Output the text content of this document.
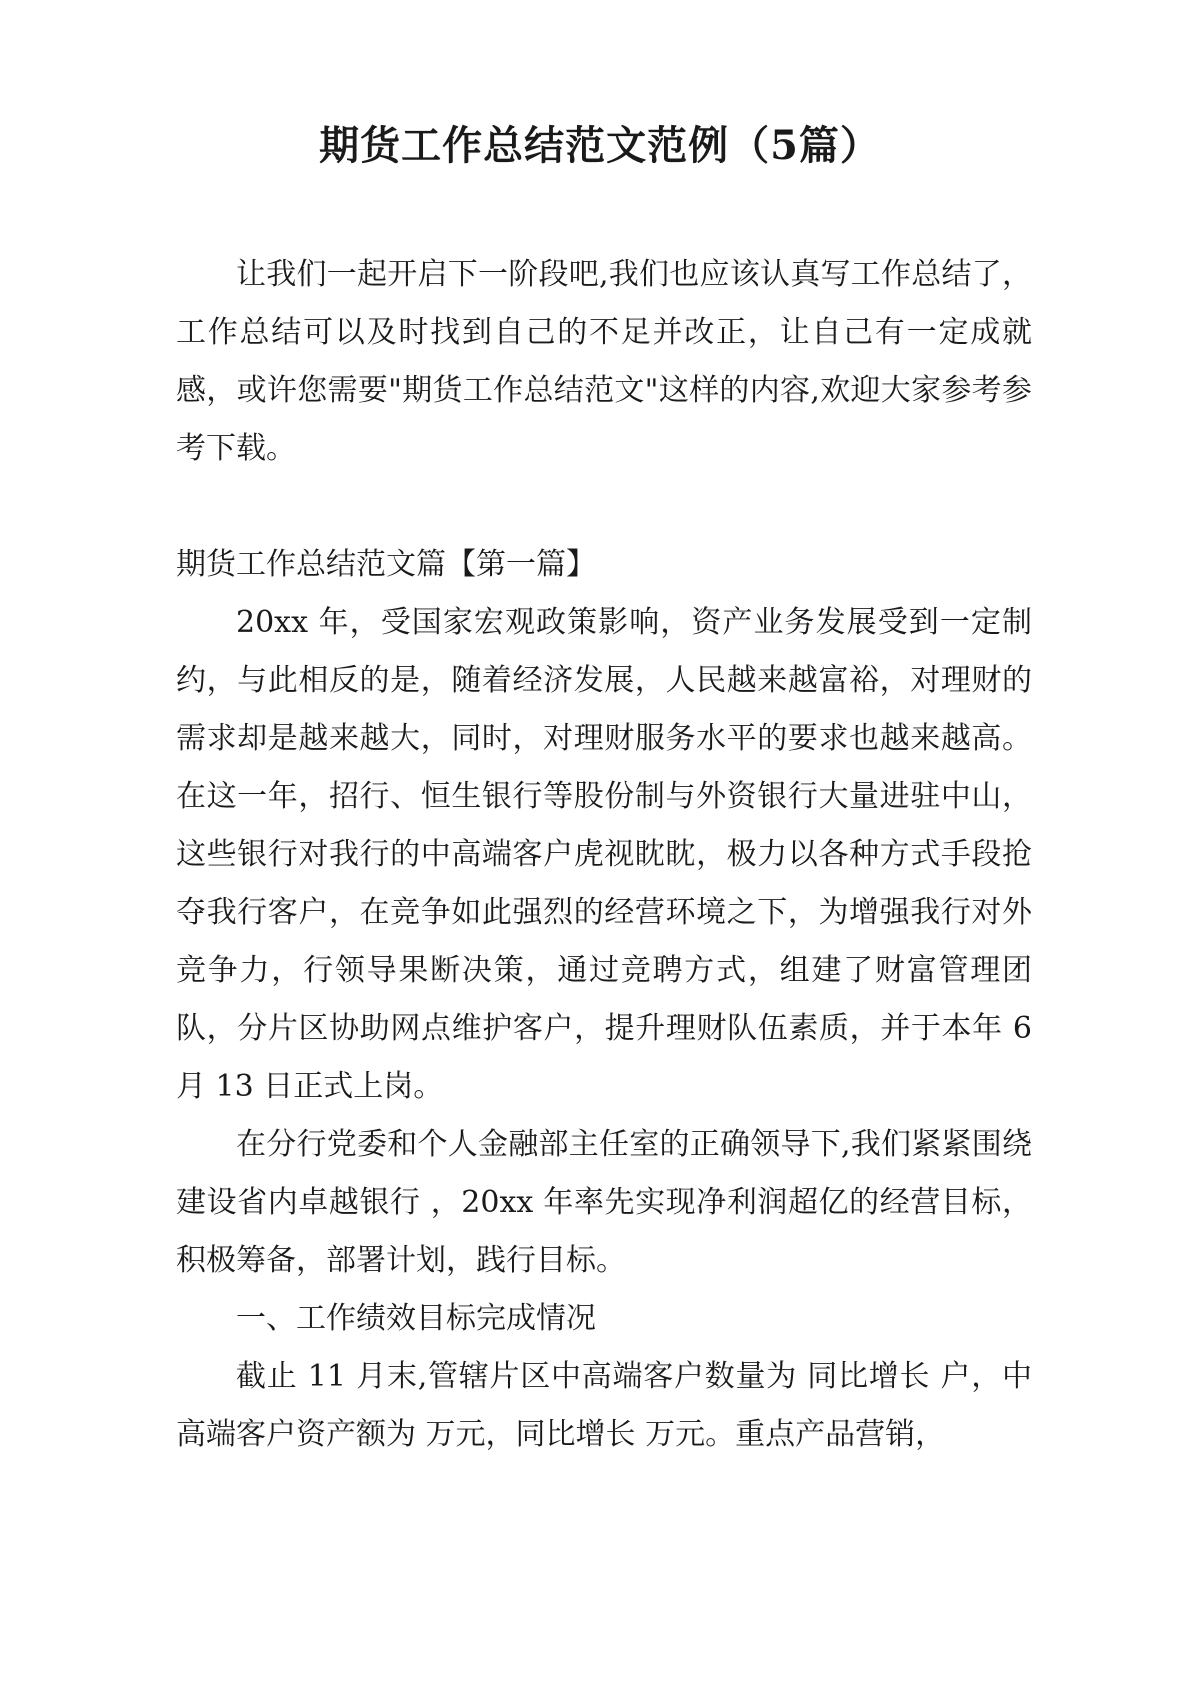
期货工作总结范文范例（5篇）

让我们一起开启下一阶段吧,我们也应该认真写工作总结了，工作总结可以及时找到自己的不足并改正，让自己有一定成就感，或许您需要"期货工作总结范文"这样的内容,欢迎大家参考参考下载。

期货工作总结范文篇【第一篇】

20xx 年，受国家宏观政策影响，资产业务发展受到一定制约，与此相反的是，随着经济发展，人民越来越富裕，对理财的需求却是越来越大，同时，对理财服务水平的要求也越来越高。在这一年，招行、恒生银行等股份制与外资银行大量进驻中山，这些银行对我行的中高端客户虎视眈眈，极力以各种方式手段抢夺我行客户，在竞争如此强烈的经营环境之下，为增强我行对外竞争力，行领导果断决策，通过竞聘方式，组建了财富管理团队，分片区协助网点维护客户，提升理财队伍素质，并于本年 6 月 13 日正式上岗。

在分行党委和个人金融部主任室的正确领导下,我们紧紧围绕 建设省内卓越银行 ，20xx 年率先实现净利润超亿的经营目标，积极筹备，部署计划，践行目标。

一、工作绩效目标完成情况

截止 11 月末,管辖片区中高端客户数量为 同比增长 户，中高端客户资产额为 万元，同比增长 万元。重点产品营销，
